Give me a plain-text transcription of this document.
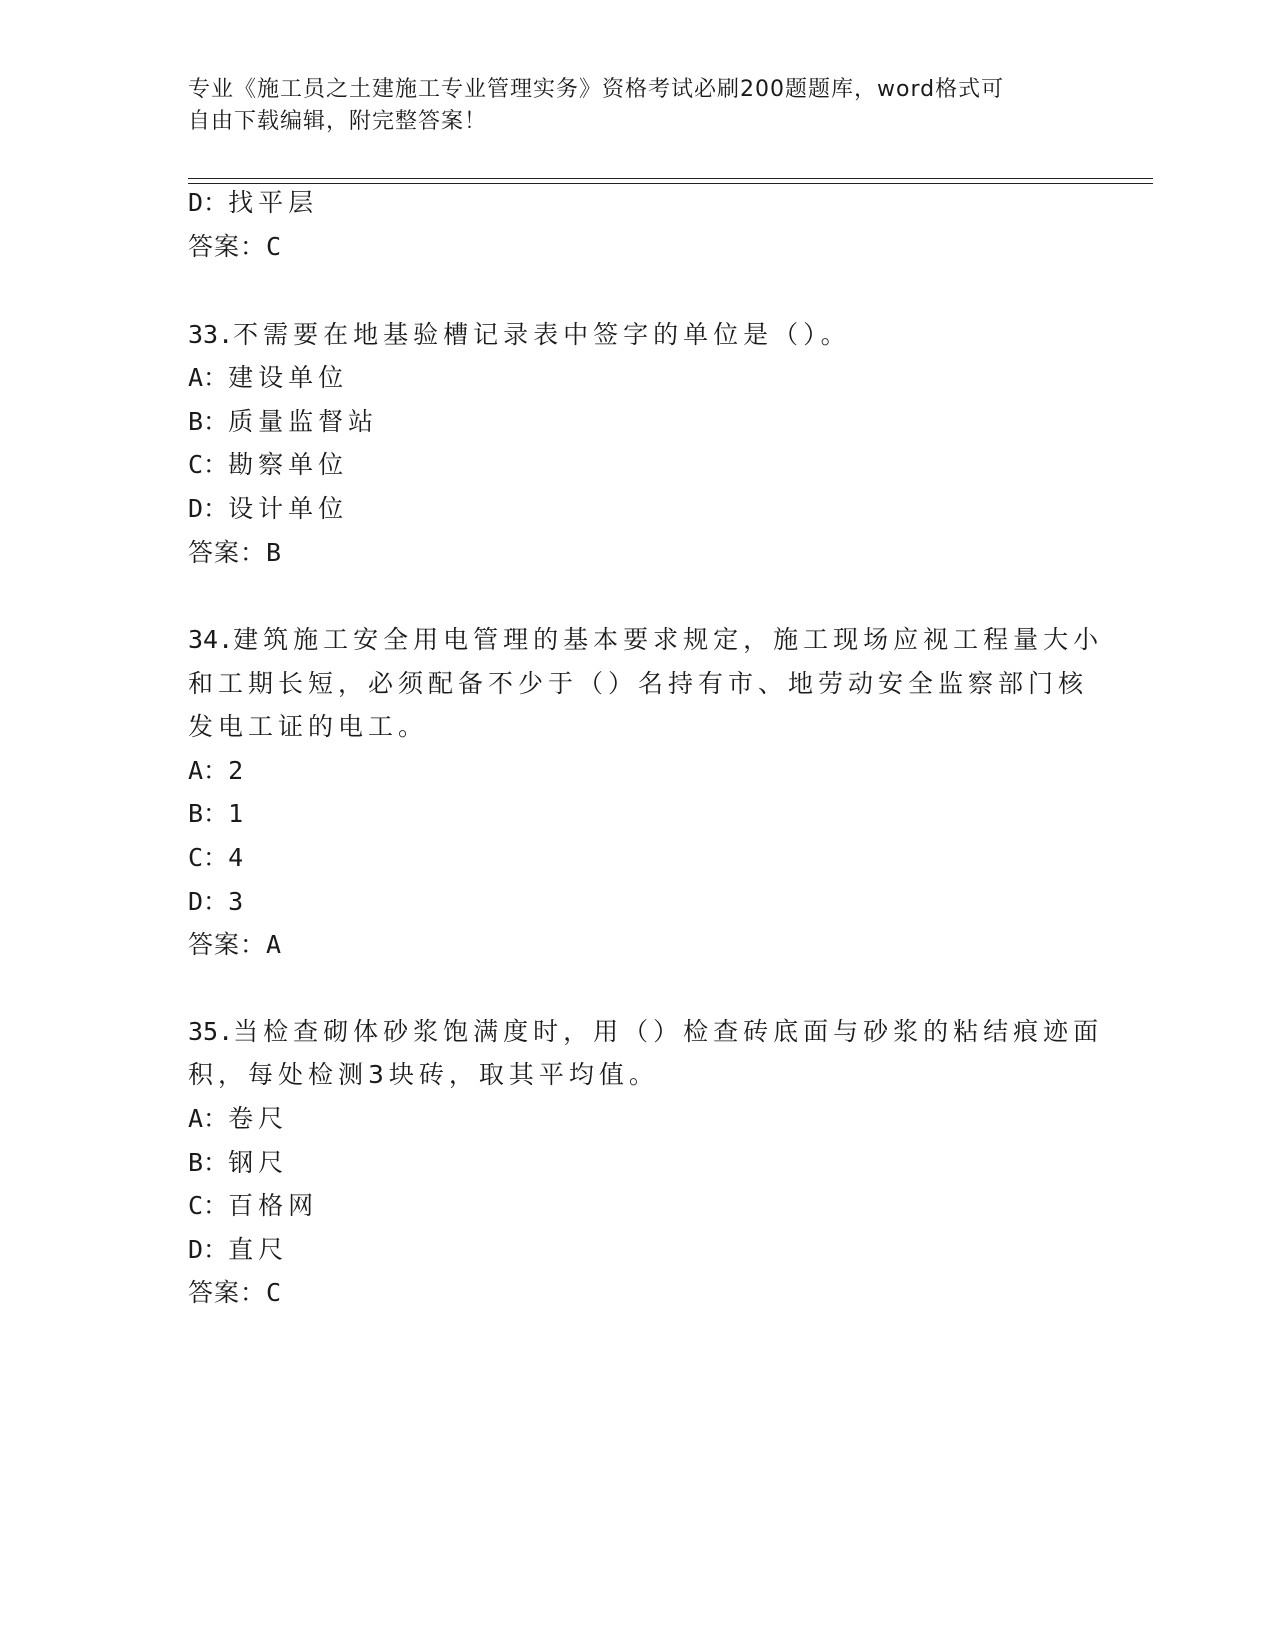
专业《施工员之土建施工专业管理实务》资格考试必刷200题题库，word格式可
自由下载编辑，附完整答案！
D：找平层
答案：C
33.不需要在地基验槽记录表中签字的单位是（）。
A：建设单位
B：质量监督站
C：勘察单位
D：设计单位
答案：B
34.建筑施工安全用电管理的基本要求规定，施工现场应视工程量大小
和工期长短，必须配备不少于（）名持有市、地劳动安全监察部门核
发电工证的电工。
A：2
B：1
C：4
D：3
答案：A
35.当检查砌体砂浆饱满度时，用（）检查砖底面与砂浆的粘结痕迹面
积，每处检测3块砖，取其平均值。
A：卷尺
B：钢尺
C：百格网
D：直尺
答案：C
